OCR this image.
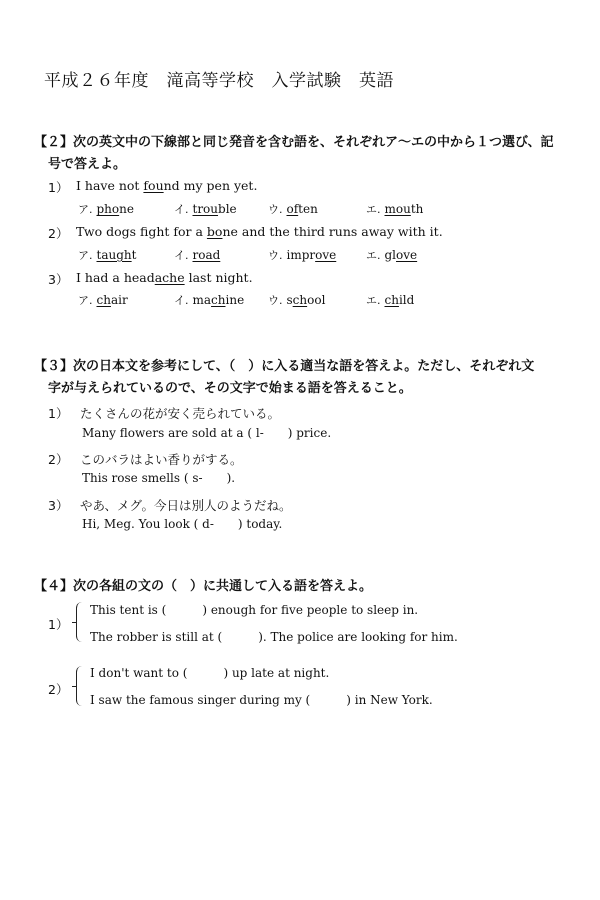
平成２６年度　滝高等学校　入学試験　英語
【２】次の英文中の下線部と同じ発音を含む語を、それぞれア～エの中から１つ選び、記
号で答えよ。
1） I have not found my pen yet.
ア. phone	イ. trouble	ウ. often	エ. mouth
2） Two dogs fight for a bone and the third runs away with it.
ア. taught	イ. road	ウ. improve	エ. glove
3） I had a headache last night.
ア. chair	イ. machine ウ. school	エ. child
【３】次の日本文を参考にして、（　）に入る適当な語を答えよ。ただし、それぞれ文
字が与えられているので、その文字で始まる語を答えること。
1） たくさんの花が安く売られている。
Many flowers are sold at a ( l-　　) price.
2） このバラはよい香りがする。
This rose smells ( s-　　).
3） やあ、メグ。今日は別人のようだね。
Hi, Meg. You look ( d-　　) today.
【４】次の各組の文の（　）に共通して入る語を答えよ。
1）
This tent is (　　　) enough for five people to sleep in.
The robber is still at (　　　). The police are looking for him.
2）
I don't want to (　　　) up late at night.
I saw the famous singer during my (　　　) in New York.
